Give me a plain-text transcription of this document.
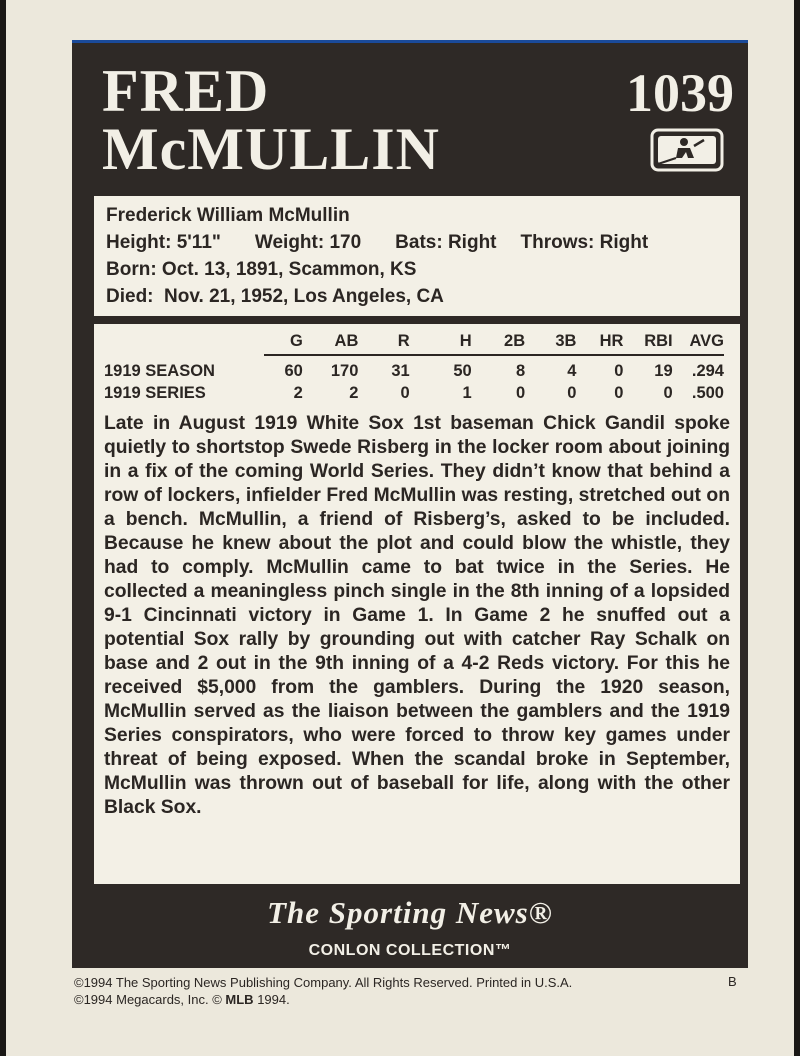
FRED
McMULLIN
1039
Frederick William McMullin
Height: 5'11" Weight: 170 Bats: Right Throws: Right
Born: Oct. 13, 1891, Scammon, KS
Died:  Nov. 21, 1952, Los Angeles, CA
	G	AB	R	H	2B	3B	HR	RBI	AVG
1919 SEASON	60	170	31	50	8	4	0	19	.294
1919 SERIES	2	2	0	1	0	0	0	0	.500
Late in August 1919 White Sox 1st baseman Chick Gandil spoke quietly to shortstop Swede Risberg in the locker room about joining in a fix of the coming World Series. They didn’t know that behind a row of lockers, infielder Fred McMullin was resting, stretched out on a bench. McMullin, a friend of Risberg’s, asked to be included. Because he knew about the plot and could blow the whistle, they had to comply. McMullin came to bat twice in the Series. He collected a meaningless pinch single in the 8th inning of a lopsided 9-1 Cincinnati victory in Game 1. In Game 2 he snuffed out a potential Sox rally by grounding out with catcher Ray Schalk on base and 2 out in the 9th inning of a 4-2 Reds victory. For this he received $5,000 from the gamblers. During the 1920 season, McMullin served as the liaison between the gamblers and the 1919 Series conspirators, who were forced to throw key games under threat of being exposed. When the scandal broke in September, McMullin was thrown out of baseball for life, along with the other Black Sox.
The Sporting News®
CONLON COLLECTION™
©1994 The Sporting News Publishing Company. All Rights Reserved. Printed in U.S.A.
©1994 Megacards, Inc. © MLB 1994.
B
